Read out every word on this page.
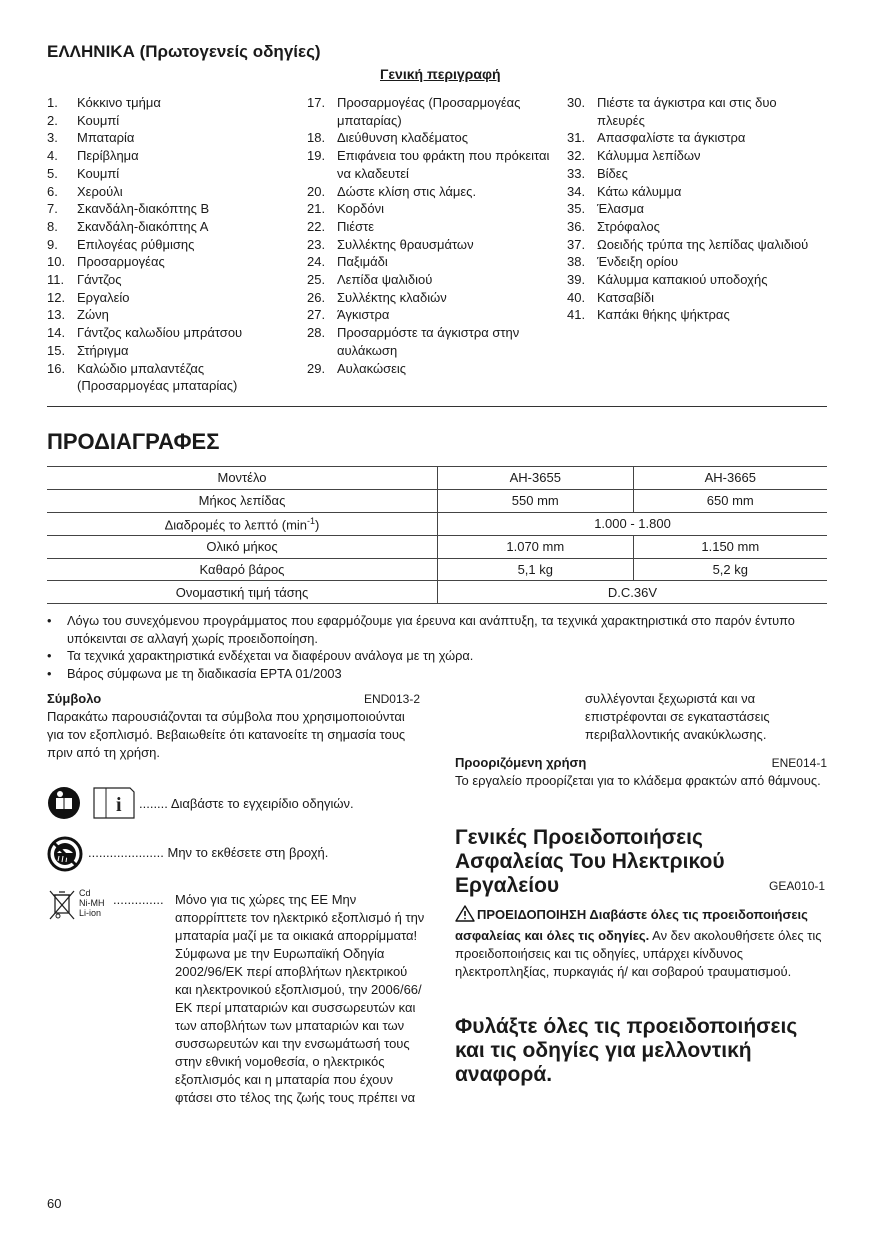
ΕΛΛΗΝΙΚΑ (Πρωτογενείς οδηγίες)
Γενική περιγραφή
1.	Κόκκινο τμήμα
2.	Κουμπί
3.	Μπαταρία
4.	Περίβλημα
5.	Κουμπί
6.	Χερούλι
7.	Σκανδάλη-διακόπτης Β
8.	Σκανδάλη-διακόπτης Α
9.	Επιλογέας ρύθμισης
10. Προσαρμογέας
11. Γάντζος
12. Εργαλείο
13. Ζώνη
14. Γάντζος καλωδίου μπράτσου
15. Στήριγμα
16. Καλώδιο μπαλαντέζας (Προσαρμογέας μπαταρίας)
17. Προσαρμογέας (Προσαρμογέας μπαταρίας)
18. Διεύθυνση κλαδέματος
19. Επιφάνεια του φράκτη που πρόκειται να κλαδευτεί
20. Δώστε κλίση στις λάμες.
21. Κορδόνι
22. Πιέστε
23. Συλλέκτης θραυσμάτων
24. Παξιμάδι
25. Λεπίδα ψαλιδιού
26. Συλλέκτης κλαδιών
27. Άγκιστρα
28. Προσαρμόστε τα άγκιστρα στην αυλάκωση
29. Αυλακώσεις
30. Πιέστε τα άγκιστρα και στις δυο πλευρές
31. Απασφαλίστε τα άγκιστρα
32. Κάλυμμα λεπίδων
33. Βίδες
34. Κάτω κάλυμμα
35. Έλασμα
36. Στρόφαλος
37. Ωοειδής τρύπα της λεπίδας ψαλιδιού
38. Ένδειξη ορίου
39. Κάλυμμα καπακιού υποδοχής
40. Κατσαβίδι
41. Καπάκι θήκης ψήκτρας
ΠΡΟΔΙΑΓΡΑΦΕΣ
Μοντέλο	AH-3655	AH-3665
Μήκος λεπίδας	550 mm	650 mm
Διαδρομές το λεπτό $(\min^{-1})$	1.000 - 1.800	
Ολικό μήκος	1.070 mm	1.150 mm
Καθαρό βάρος	5,1 kg	5,2 kg
Ονομαστική τιμή τάσης	D.C.36V	
•	Λόγω του συνεχόμενου προγράμματος που εφαρμόζουμε για έρευνα και ανάπτυξη, τα τεχνικά χαρακτηριστικά στο παρόν έντυπο υπόκεινται σε αλλαγή χωρίς προειδοποίηση.
•	Τα τεχνικά χαρακτηριστικά ενδέχεται να διαφέρουν ανάλογα με τη χώρα.
•	Βάρος σύμφωνα με τη διαδικασία EPTA 01/2003
Σύμβολο	END013-2
Παρακάτω παρουσιάζονται τα σύμβολα που χρησιμοποιούνται για τον εξοπλισμό. Βεβαιωθείτε ότι κατανοείτε τη σημασία τους πριν από τη χρήση.
i ........ Διαβάστε το εγχειρίδιο οδηγιών.
..................... Μην το εκθέσετε στη βροχή.
Cd
Ni-MH
Li-ion
.............. Μόνο για τις χώρες της ΕΕ Μην απορρίπτετε τον ηλεκτρικό εξοπλισμό ή την μπαταρία μαζί με τα οικιακά απορρίμματα! Σύμφωνα με την Ευρωπαϊκή Οδηγία 2002/96/ΕΚ περί αποβλήτων ηλεκτρικού και ηλεκτρονικού εξοπλισμού, την 2006/66/ΕΚ περί μπαταριών και συσσωρευτών και των αποβλήτων των μπαταριών και των συσσωρευτών και την ενσωμάτωσή τους στην εθνική νομοθεσία, ο ηλεκτρικός εξοπλισμός και η μπαταρία που έχουν φτάσει στο τέλος της ζωής τους πρέπει να
συλλέγονται ξεχωριστά και να επιστρέφονται σε εγκαταστάσεις περιβαλλοντικής ανακύκλωσης.
Προοριζόμενη χρήση	ENE014-1
Το εργαλείο προορίζεται για το κλάδεμα φρακτών από θάμνους.
Γενικές Προειδοποιήσεις Ασφαλείας Του Ηλεκτρικού Εργαλείου	GEA010-1
ΠΡΟΕΙΔΟΠΟΙΗΣΗ Διαβάστε όλες τις προειδοποιήσεις ασφαλείας και όλες τις οδηγίες. Αν δεν ακολουθήσετε όλες τις προειδοποιήσεις και τις οδηγίες, υπάρχει κίνδυνος ηλεκτροπληξίας, πυρκαγιάς ή/ και σοβαρού τραυματισμού.
Φυλάξτε όλες τις προειδοποιήσεις και τις οδηγίες για μελλοντική αναφορά.
60
